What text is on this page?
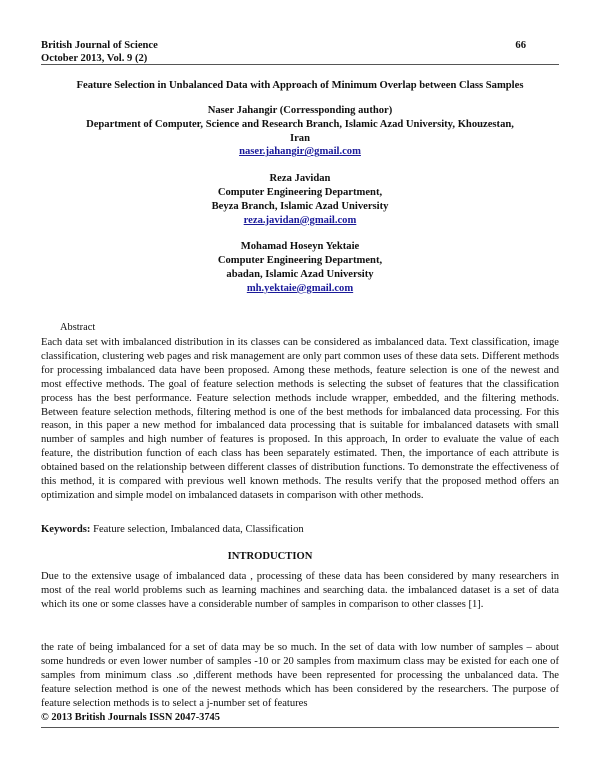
British Journal of Science
October 2013, Vol. 9 (2)
66
Feature Selection in Unbalanced Data with Approach of Minimum Overlap between Class Samples
Naser Jahangir (Corressponding author)
Department of Computer, Science and Research Branch, Islamic Azad University, Khouzestan,
Iran
naser.jahangir@gmail.com
Reza Javidan
Computer Engineering Department,
Beyza Branch, Islamic Azad University
reza.javidan@gmail.com
Mohamad Hoseyn Yektaie
Computer Engineering Department,
abadan, Islamic Azad University
mh.yektaie@gmail.com
Abstract
Each data set with imbalanced distribution in its classes can be considered as imbalanced data. Text classification, image classification, clustering web pages and risk management are only part common uses of these data sets. Different methods for processing imbalanced data have been proposed. Among these methods, feature selection is one of the newest and most effective methods. The goal of feature selection methods is selecting the subset of features that the classification process has the best performance. Feature selection methods include wrapper, embedded, and the filtering methods. Between feature selection methods, filtering method is one of the best methods for imbalanced data processing. For this reason, in this paper a new method for imbalanced data processing that is suitable for imbalanced datasets with small number of samples and high number of features is proposed. In this approach, In order to evaluate the value of each feature, the distribution function of each class has been separately estimated. Then, the importance of each attribute is obtained based on the relationship between different classes of distribution functions. To demonstrate the effectiveness of this method, it is compared with previous well known methods. The results verify that the proposed method offers an optimization and simple model on imbalanced datasets in comparison with other methods.
Keywords: Feature selection, Imbalanced data, Classification
INTRODUCTION
Due to the extensive usage of imbalanced data , processing of these data has been considered by many researchers in most of the real world problems such as learning machines and searching data. the imbalanced dataset is a set of data which its one or some classes have a considerable number of samples in comparison to other classes [1].
the rate of being imbalanced for a set of data may be so much. In the set of data with low number of samples – about some hundreds or even lower number of samples -10 or 20 samples from maximum class may be existed for each one of samples from minimum class .so ,different methods have been represented for processing the unbalanced data. The feature selection method is one of the newest methods which has been considered by the researchers. The purpose of feature selection methods is to select a j-number set of features
© 2013 British Journals ISSN 2047-3745
